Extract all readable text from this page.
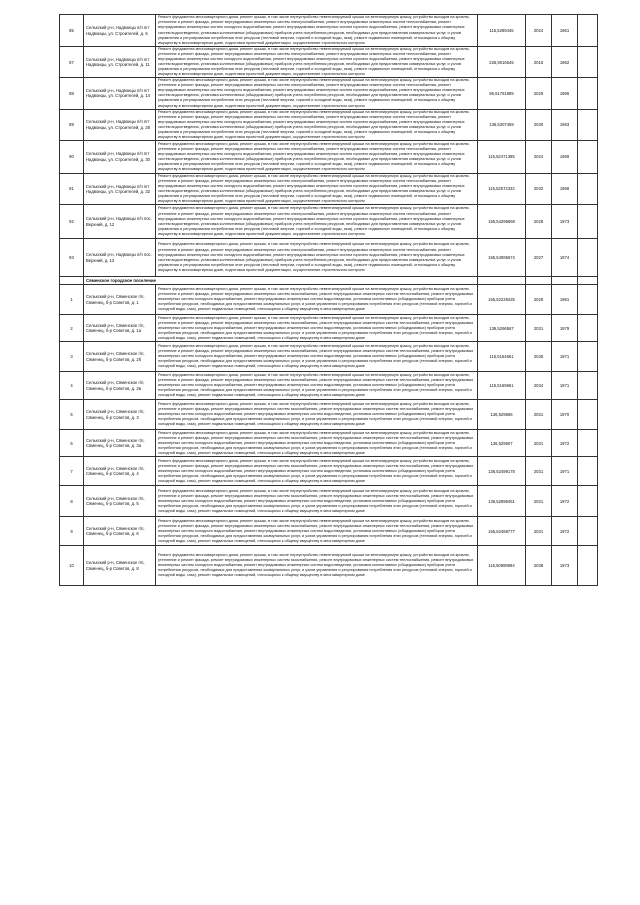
85	Селькский р-н, Надвоицы п/п пгт Надвоицы, ул. Строителей, д. 6	Ремонт фундамента многоквартирного дома, ремонт крыши, в том числе переустройство невентилируемой крыши на вентилируемую крышу, устройство выходов на кровлю, утепление и ремонт фасада, ремонт внутридомовых инженерных систем электроснабжения, ремонт внутридомовых инженерных систем теплоснабжения, ремонт внутридомовых инженерных систем холодного водоснабжения, ремонт внутридомовых инженерных систем горячего водоснабжения, ремонт внутридомовых инженерных систем водоотведения, установка коллективных (общедомовых) приборов учета потребления ресурсов, необходимых для предоставления коммунальных услуг, и узлов управления и регулирования потребления этих ресурсов (тепловой энергии, горячей и холодной воды, газа), ремонт подвальных помещений, относящихся к общему имуществу в многоквартирном доме, подготовка проектной документации, осуществление строительного контроля	115,5289445	2024	1961	
87	Селькский р-н, Надвоицы п/п пгт Надвоицы, ул. Строителей, д. 11	Ремонт фундамента многоквартирного дома, ремонт крыши, в том числе переустройство невентилируемой крыши на вентилируемую крышу, устройство выходов на кровлю, утепление и ремонт фасада, ремонт внутридомовых инженерных систем электроснабжения, ремонт внутридомовых инженерных систем теплоснабжения, ремонт внутридомовых инженерных систем холодного водоснабжения, ремонт внутридомовых инженерных систем горячего водоснабжения, ремонт внутридомовых инженерных систем водоотведения, установка коллективных (общедомовых) приборов учета потребления ресурсов, необходимых для предоставления коммунальных услуг, и узлов управления и регулирования потребления этих ресурсов (тепловой энергии, горячей и холодной воды, газа), ремонт подвальных помещений, относящихся к общему имуществу в многоквартирном доме, подготовка проектной документации, осуществление строительного контроля	226,9016645	2016	1962	
88	Селькский р-н, Надвоицы п/п пгт Надвоицы, ул. Строителей, д. 14	Ремонт фундамента многоквартирного дома, ремонт крыши, в том числе переустройство невентилируемой крыши на вентилируемую крышу, устройство выходов на кровлю, утепление и ремонт фасада, ремонт внутридомовых инженерных систем электроснабжения, ремонт внутридомовых инженерных систем теплоснабжения, ремонт внутридомовых инженерных систем холодного водоснабжения, ремонт внутридомовых инженерных систем горячего водоснабжения, ремонт внутридомовых инженерных систем водоотведения, установка коллективных (общедомовых) приборов учета потребления ресурсов, необходимых для предоставления коммунальных услуг, и узлов управления и регулирования потребления этих ресурсов (тепловой энергии, горячей и холодной воды, газа), ремонт подвальных помещений, относящихся к общему имуществу в многоквартирном доме, подготовка проектной документации, осуществление строительного контроля	96,51761985	2029	1966	
89	Селькский р-н, Надвоицы п/п пгт Надвоицы, ул. Строителей, д. 28	Ремонт фундамента многоквартирного дома, ремонт крыши, в том числе переустройство невентилируемой крыши на вентилируемую крышу, устройство выходов на кровлю, утепление и ремонт фасада, ремонт внутридомовых инженерных систем электроснабжения, ремонт внутридомовых инженерных систем теплоснабжения, ремонт внутридомовых инженерных систем холодного водоснабжения, ремонт внутридомовых инженерных систем горячего водоснабжения, ремонт внутридомовых инженерных систем водоотведения, установка коллективных (общедомовых) приборов учета потребления ресурсов, необходимых для предоставления коммунальных услуг, и узлов управления и регулирования потребления этих ресурсов (тепловой энергии, горячей и холодной воды, газа), ремонт подвальных помещений, относящихся к общему имуществу в многоквартирном доме, подготовка проектной документации, осуществление строительного контроля	136,5307459	2030	1983	
90	Селькский р-н, Надвоицы п/п пгт Надвоицы, ул. Строителей, д. 30	Ремонт фундамента многоквартирного дома, ремонт крыши, в том числе переустройство невентилируемой крыши на вентилируемую крышу, устройство выходов на кровлю, утепление и ремонт фасада, ремонт внутридомовых инженерных систем электроснабжения, ремонт внутридомовых инженерных систем теплоснабжения, ремонт внутридомовых инженерных систем холодного водоснабжения, ремонт внутридомовых инженерных систем горячего водоснабжения, ремонт внутридомовых инженерных систем водоотведения, установка коллективных (общедомовых) приборов учета потребления ресурсов, необходимых для предоставления коммунальных услуг, и узлов управления и регулирования потребления этих ресурсов (тепловой энергии, горячей и холодной воды, газа), ремонт подвальных помещений, относящихся к общему имуществу в многоквартирном доме, подготовка проектной документации, осуществление строительного контроля	115,52471385	2024	1969	
91	Селькский р-н, Надвоицы п/п пгт Надвоицы, ул. Строителей, д. 32	Ремонт фундамента многоквартирного дома, ремонт крыши, в том числе переустройство невентилируемой крыши на вентилируемую крышу, устройство выходов на кровлю, утепление и ремонт фасада, ремонт внутридомовых инженерных систем электроснабжения, ремонт внутридомовых инженерных систем теплоснабжения, ремонт внутридомовых инженерных систем холодного водоснабжения, ремонт внутридомовых инженерных систем горячего водоснабжения, ремонт внутридомовых инженерных систем водоотведения, установка коллективных (общедомовых) приборов учета потребления ресурсов, необходимых для предоставления коммунальных услуг, и узлов управления и регулирования потребления этих ресурсов (тепловой энергии, горячей и холодной воды, газа), ремонт подвальных помещений, относящихся к общему имуществу в многоквартирном доме, подготовка проектной документации, осуществление строительного контроля	115,52572332	2032	1968	
92	Селькский р-н, Надвоицы п/п пос. Верхний, д. 12	Ремонт фундамента многоквартирного дома, ремонт крыши, в том числе переустройство невентилируемой крыши на вентилируемую крышу, устройство выходов на кровлю, утепление и ремонт фасада, ремонт внутридомовых инженерных систем электроснабжения, ремонт внутридомовых инженерных систем теплоснабжения, ремонт внутридомовых инженерных систем холодного водоснабжения, ремонт внутридомовых инженерных систем горячего водоснабжения, ремонт внутридомовых инженерных систем водоотведения, установка коллективных (общедомовых) приборов учета потребления ресурсов, необходимых для предоставления коммунальных услуг, и узлов управления и регулирования потребления этих ресурсов (тепловой энергии, горячей и холодной воды, газа), ремонт подвальных помещений, относящихся к общему имуществу в многоквартирном доме, подготовка проектной документации, осуществление строительного контроля	155,54295668	2028	1973	
93	Селькский р-н, Надвоицы п/п пос. Верхний, д. 13	Ремонт фундамента многоквартирного дома, ремонт крыши, в том числе переустройство невентилируемой крыши на вентилируемую крышу, устройство выходов на кровлю, утепление и ремонт фасада, ремонт внутридомовых инженерных систем электроснабжения, ремонт внутридомовых инженерных систем теплоснабжения, ремонт внутридомовых инженерных систем холодного водоснабжения, ремонт внутридомовых инженерных систем горячего водоснабжения, ремонт внутридомовых инженерных систем водоотведения, установка коллективных (общедомовых) приборов учета потребления ресурсов, необходимых для предоставления коммунальных услуг, и узлов управления и регулирования потребления этих ресурсов (тепловой энергии, горячей и холодной воды, газа), ремонт подвальных помещений, относящихся к общему имуществу в многоквартирном доме, подготовка проектной документации, осуществление строительного контроля	155,54085674	2027	1974	
	Сяменское городское поселение					
1	Селькский р-н, Сяменское г/п, Сяменец, б-р Советов, д. 1	Ремонт фундамента многоквартирного дома, ремонт крыши, в том числе переустройство невентилируемой крыши на вентилируемую крышу, устройство выходов на кровлю, утепление и ремонт фасада, ремонт внутридомовых инженерных систем газоснабжения, ремонт внутридомовых инженерных систем теплоснабжения, ремонт внутридомовых инженерных систем холодного водоснабжения, ремонт внутридомовых инженерных систем водоотведения, установка коллективных (общедомовых) приборов учета потребления ресурсов, необходимых для предоставления коммунальных услуг, и узлов управления и регулирования потребления этих ресурсов (тепловой энергии, горячей и холодной воды, газа), ремонт подвальных помещений, относящихся к общему имуществу в многоквартирном доме	155,52228425	2028	1981	
2	Селькский р-н, Сяменское г/п, Сяменец, б-р Советов, д. 1а	Ремонт фундамента многоквартирного дома, ремонт крыши, в том числе переустройство невентилируемой крыши на вентилируемую крышу, устройство выходов на кровлю, утепление и ремонт фасада, ремонт внутридомовых инженерных систем газоснабжения, ремонт внутридомовых инженерных систем теплоснабжения, ремонт внутридомовых инженерных систем холодного водоснабжения, ремонт внутридомовых инженерных систем водоотведения, установка коллективных (общедомовых) приборов учета потребления ресурсов, необходимых для предоставления коммунальных услуг, и узлов управления и регулирования потребления этих ресурсов (тепловой энергии, горячей и холодной воды, газа), ремонт подвальных помещений, относящихся к общему имуществу в многоквартирном доме	136,5296567	2031	1979	
3	Селькский р-н, Сяменское г/п, Сяменец, б-р Советов, д. 2б	Ремонт фундамента многоквартирного дома, ремонт крыши, в том числе переустройство невентилируемой крыши на вентилируемую крышу, устройство выходов на кровлю, утепление и ремонт фасада, ремонт внутридомовых инженерных систем газоснабжения, ремонт внутридомовых инженерных систем теплоснабжения, ремонт внутридомовых инженерных систем холодного водоснабжения, ремонт внутридомовых инженерных систем водоотведения, установка коллективных (общедомовых) приборов учета потребления ресурсов, необходимых для предоставления коммунальных услуг, и узлов управления и регулирования потребления этих ресурсов (тепловой энергии, горячей и холодной воды, газа), ремонт подвальных помещений, относящихся к общему имуществу в многоквартирном доме	115,5154661	2035	1971	
4	Селькский р-н, Сяменское г/п, Сяменец, б-р Советов, д. 2в	Ремонт фундамента многоквартирного дома, ремонт крыши, в том числе переустройство невентилируемой крыши на вентилируемую крышу, устройство выходов на кровлю, утепление и ремонт фасада, ремонт внутридомовых инженерных систем газоснабжения, ремонт внутридомовых инженерных систем теплоснабжения, ремонт внутридомовых инженерных систем холодного водоснабжения, ремонт внутридомовых инженерных систем водоотведения, установка коллективных (общедомовых) приборов учета потребления ресурсов, необходимых для предоставления коммунальных услуг, и узлов управления и регулирования потребления этих ресурсов (тепловой энергии, горячей и холодной воды, газа), ремонт подвальных помещений, относящихся к общему имуществу в многоквартирном доме	115,5169661	2034	1971	
5	Селькский р-н, Сяменское г/п, Сяменец, б-р Советов, д. 3	Ремонт фундамента многоквартирного дома, ремонт крыши, в том числе переустройство невентилируемой крыши на вентилируемую крышу, устройство выходов на кровлю, утепление и ремонт фасада, ремонт внутридомовых инженерных систем газоснабжения, ремонт внутридомовых инженерных систем теплоснабжения, ремонт внутридомовых инженерных систем холодного водоснабжения, ремонт внутридомовых инженерных систем водоотведения, установка коллективных (общедомовых) приборов учета потребления ресурсов, необходимых для предоставления коммунальных услуг, и узлов управления и регулирования потребления этих ресурсов (тепловой энергии, горячей и холодной воды, газа), ремонт подвальных помещений, относящихся к общему имуществу в многоквартирном доме	136,529665	2031	1970	
6	Селькский р-н, Сяменское г/п, Сяменец, б-р Советов, д. 3а	Ремонт фундамента многоквартирного дома, ремонт крыши, в том числе переустройство невентилируемой крыши на вентилируемую крышу, устройство выходов на кровлю, утепление и ремонт фасада, ремонт внутридомовых инженерных систем газоснабжения, ремонт внутридомовых инженерных систем теплоснабжения, ремонт внутридомовых инженерных систем холодного водоснабжения, ремонт внутридомовых инженерных систем водоотведения, установка коллективных (общедомовых) приборов учета потребления ресурсов, необходимых для предоставления коммунальных услуг, и узлов управления и регулирования потребления этих ресурсов (тепловой энергии, горячей и холодной воды, газа), ремонт подвальных помещений, относящихся к общему имуществу в многоквартирном доме	136,529607	2031	1972	
7	Селькский р-н, Сяменское г/п, Сяменец, б-р Советов, д. 4	Ремонт фундамента многоквартирного дома, ремонт крыши, в том числе переустройство невентилируемой крыши на вентилируемую крышу, устройство выходов на кровлю, утепление и ремонт фасада, ремонт внутридомовых инженерных систем газоснабжения, ремонт внутридомовых инженерных систем теплоснабжения, ремонт внутридомовых инженерных систем холодного водоснабжения, ремонт внутридомовых инженерных систем водоотведения, установка коллективных (общедомовых) приборов учета потребления ресурсов, необходимых для предоставления коммунальных услуг, и узлов управления и регулирования потребления этих ресурсов (тепловой энергии, горячей и холодной воды, газа), ремонт подвальных помещений, относящихся к общему имуществу в многоквартирном доме	136,52499178	2031	1971	
8	Селькский р-н, Сяменское г/п, Сяменец, б-р Советов, д. 5	Ремонт фундамента многоквартирного дома, ремонт крыши, в том числе переустройство невентилируемой крыши на вентилируемую крышу, устройство выходов на кровлю, утепление и ремонт фасада, ремонт внутридомовых инженерных систем газоснабжения, ремонт внутридомовых инженерных систем теплоснабжения, ремонт внутридомовых инженерных систем холодного водоснабжения, ремонт внутридомовых инженерных систем водоотведения, установка коллективных (общедомовых) приборов учета потребления ресурсов, необходимых для предоставления коммунальных услуг, и узлов управления и регулирования потребления этих ресурсов (тепловой энергии, горячей и холодной воды, газа), ремонт подвальных помещений, относящихся к общему имуществу в многоквартирном доме	136,52998451	2031	1972	
9	Селькский р-н, Сяменское г/п, Сяменец, б-р Советов, д. 6	Ремонт фундамента многоквартирного дома, ремонт крыши, в том числе переустройство невентилируемой крыши на вентилируемую крышу, устройство выходов на кровлю, утепление и ремонт фасада, ремонт внутридомовых инженерных систем газоснабжения, ремонт внутридомовых инженерных систем теплоснабжения, ремонт внутридомовых инженерных систем холодного водоснабжения, ремонт внутридомовых инженерных систем водоотведения, установка коллективных (общедомовых) приборов учета потребления ресурсов, необходимых для предоставления коммунальных услуг, и узлов управления и регулирования потребления этих ресурсов (тепловой энергии, горячей и холодной воды, газа), ремонт подвальных помещений, относящихся к общему имуществу в многоквартирном доме	155,52488777	2031	1972	
10	Селькский р-н, Сяменское г/п, Сяменец, б-р Советов, д. 8	Ремонт фундамента многоквартирного дома, ремонт крыши, в том числе переустройство невентилируемой крыши на вентилируемую крышу, устройство выходов на кровлю, утепление и ремонт фасада, ремонт внутридомовых инженерных систем газоснабжения, ремонт внутридомовых инженерных систем теплоснабжения, ремонт внутридомовых инженерных систем холодного водоснабжения, ремонт внутридомовых инженерных систем водоотведения, установка коллективных (общедомовых) приборов учета потребления ресурсов, необходимых для предоставления коммунальных услуг, и узлов управления и регулирования потребления этих ресурсов (тепловой энергии, горячей и холодной воды, газа), ремонт подвальных помещений, относящихся к общему имуществу в многоквартирном доме	115,50989694	2038	1973	
